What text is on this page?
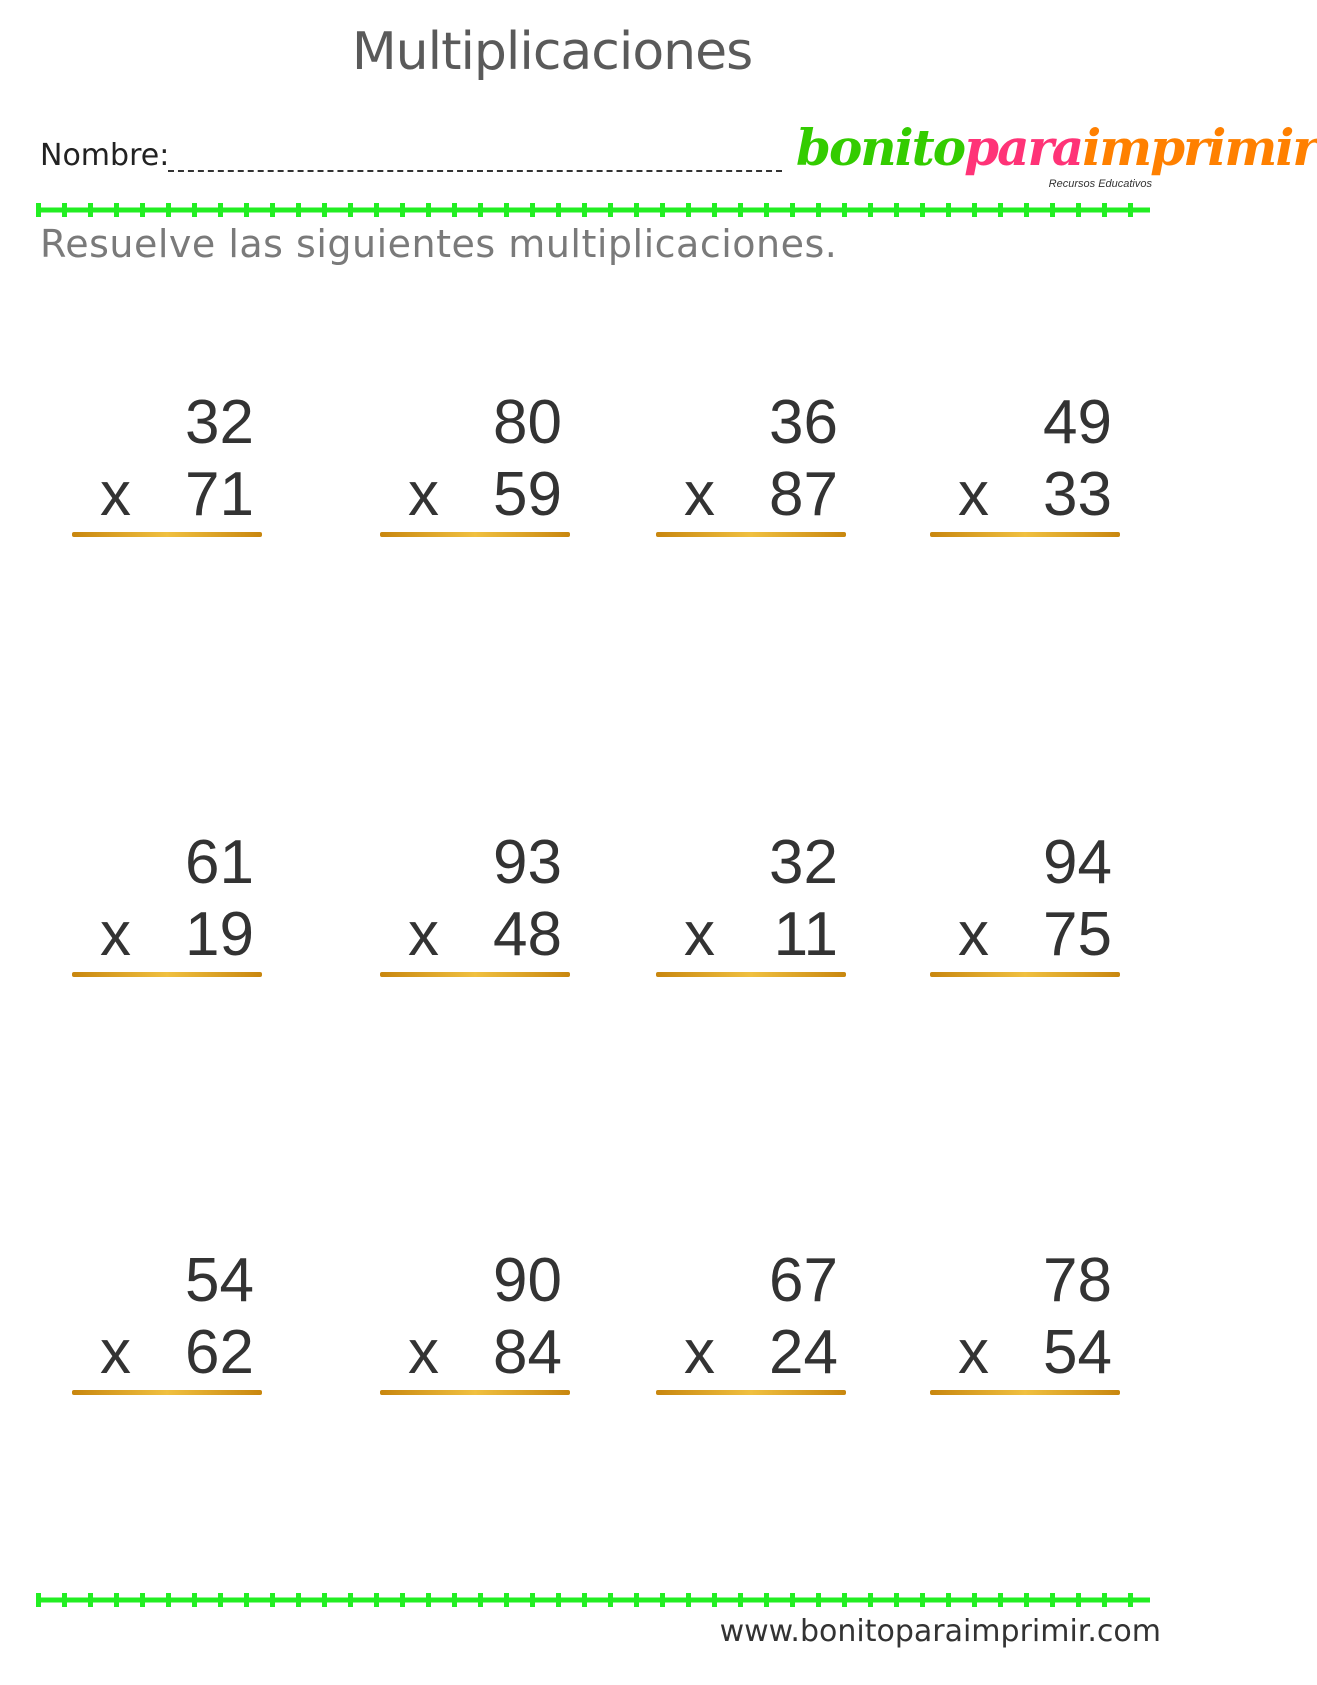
Multiplicaciones
Nombre:	bonitoparaimprimir
Recursos Educativos
Resuelve las siguientes multiplicaciones.
32
x 71
80
x 59
36
x 87
49
x 33
61
x 19
93
x 48
32
x 11
94
x 75
54
x 62
90
x 84
67
x 24
78
x 54
www.bonitoparaimprimir.com
